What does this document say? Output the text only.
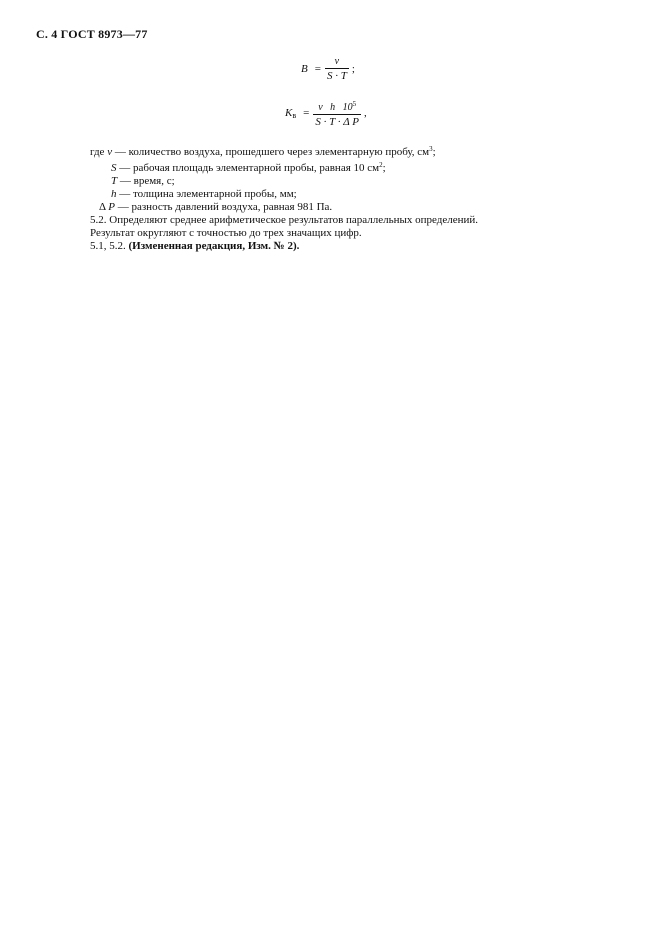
С. 4 ГОСТ 8973—77
$B = \frac{v}{S \cdot T}$ ;
$K_в = \frac{v h 10^5}{\text{S · T · Δ P}}$ ,
где v — количество воздуха, прошедшего через элементарную пробу, $см^3$;
S — рабочая площадь элементарной пробы, равная 10 $см^2$;
T — время, с;
h — толщина элементарной пробы, мм;
Δ P — разность давлений воздуха, равная 981 Па.
5.2. Определяют среднее арифметическое результатов параллельных определений.
Результат округляют с точностью до трех значащих цифр.
5.1, 5.2. (Измененная редакция, Изм. № 2).
